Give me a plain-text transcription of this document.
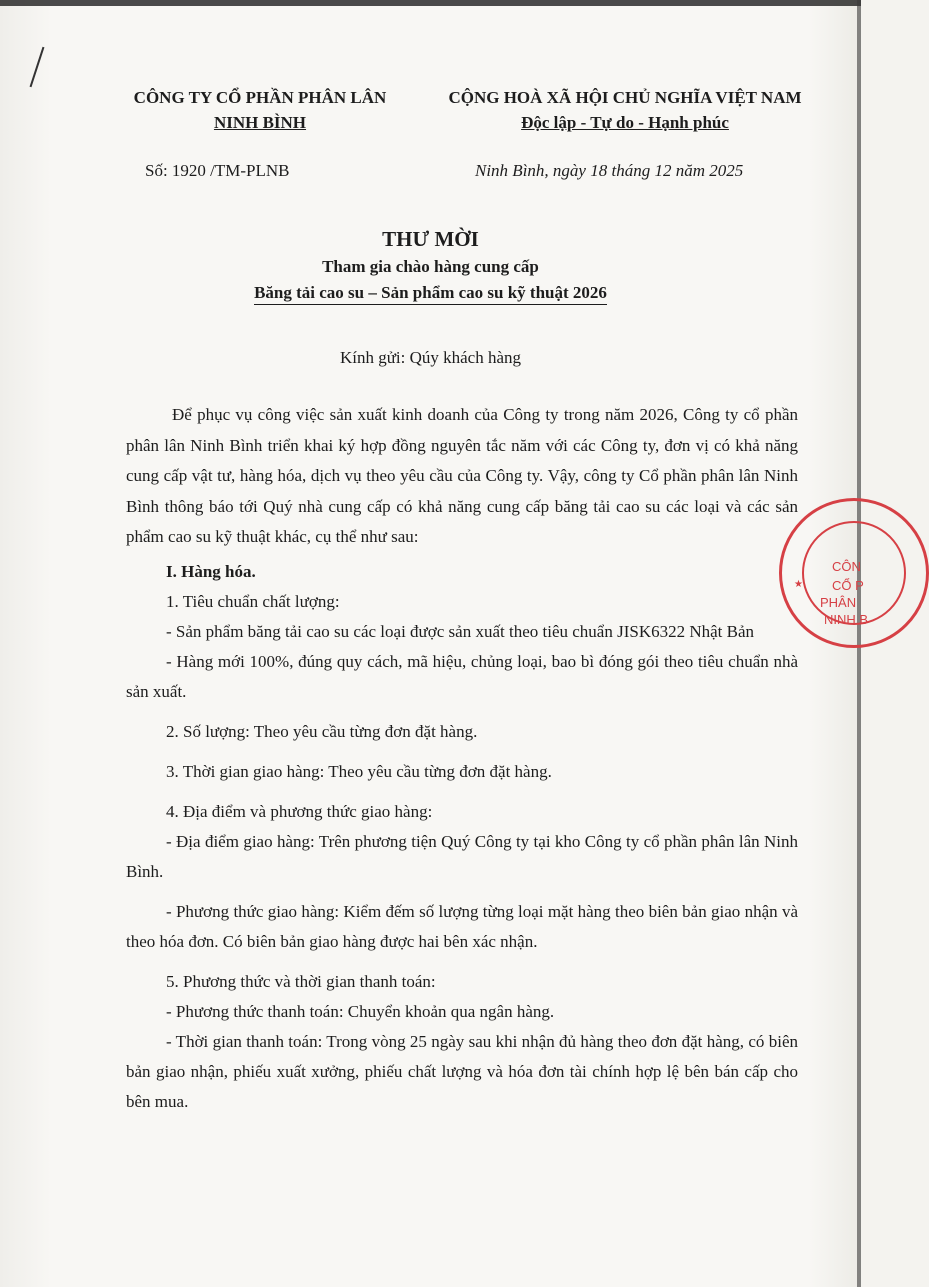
CÔNG TY CỔ PHẦN PHÂN LÂN
NINH BÌNH
CỘNG HOÀ XÃ HỘI CHỦ NGHĨA VIỆT NAM
Độc lập - Tự do - Hạnh phúc
Số: 1920 /TM-PLNB	Ninh Bình, ngày 18 tháng 12 năm 2025
THƯ MỜI
Tham gia chào hàng cung cấp
Băng tải cao su – Sản phẩm cao su kỹ thuật 2026
Kính gửi: Qúy khách hàng

Để phục vụ công việc sản xuất kinh doanh của Công ty trong năm 2026, Công ty cổ phần phân lân Ninh Bình triển khai ký hợp đồng nguyên tắc năm với các Công ty, đơn vị có khả năng cung cấp vật tư, hàng hóa, dịch vụ theo yêu cầu của Công ty. Vậy, công ty Cổ phần phân lân Ninh Bình thông báo tới Quý nhà cung cấp có khả năng cung cấp băng tải cao su các loại và các sản phẩm cao su kỹ thuật khác, cụ thể như sau:

I. Hàng hóa.

1. Tiêu chuẩn chất lượng:

- Sản phẩm băng tải cao su các loại được sản xuất theo tiêu chuẩn JISK6322 Nhật Bản

- Hàng mới 100%, đúng quy cách, mã hiệu, chủng loại, bao bì đóng gói theo tiêu chuẩn nhà sản xuất.

2. Số lượng: Theo yêu cầu từng đơn đặt hàng.

3. Thời gian giao hàng: Theo yêu cầu từng đơn đặt hàng.

4. Địa điểm và phương thức giao hàng:

- Địa điểm giao hàng: Trên phương tiện Quý Công ty tại kho Công ty cổ phần phân lân Ninh Bình.

- Phương thức giao hàng: Kiểm đếm số lượng từng loại mặt hàng theo biên bản giao nhận và theo hóa đơn. Có biên bản giao hàng được hai bên xác nhận.

5. Phương thức và thời gian thanh toán:

- Phương thức thanh toán: Chuyển khoản qua ngân hàng.

- Thời gian thanh toán: Trong vòng 25 ngày sau khi nhận đủ hàng theo đơn đặt hàng, có biên bản giao nhận, phiếu xuất xưởng, phiếu chất lượng và hóa đơn tài chính hợp lệ bên bán cấp cho bên mua.

★
CÔN
CỔ P
PHÂN
NINH B
